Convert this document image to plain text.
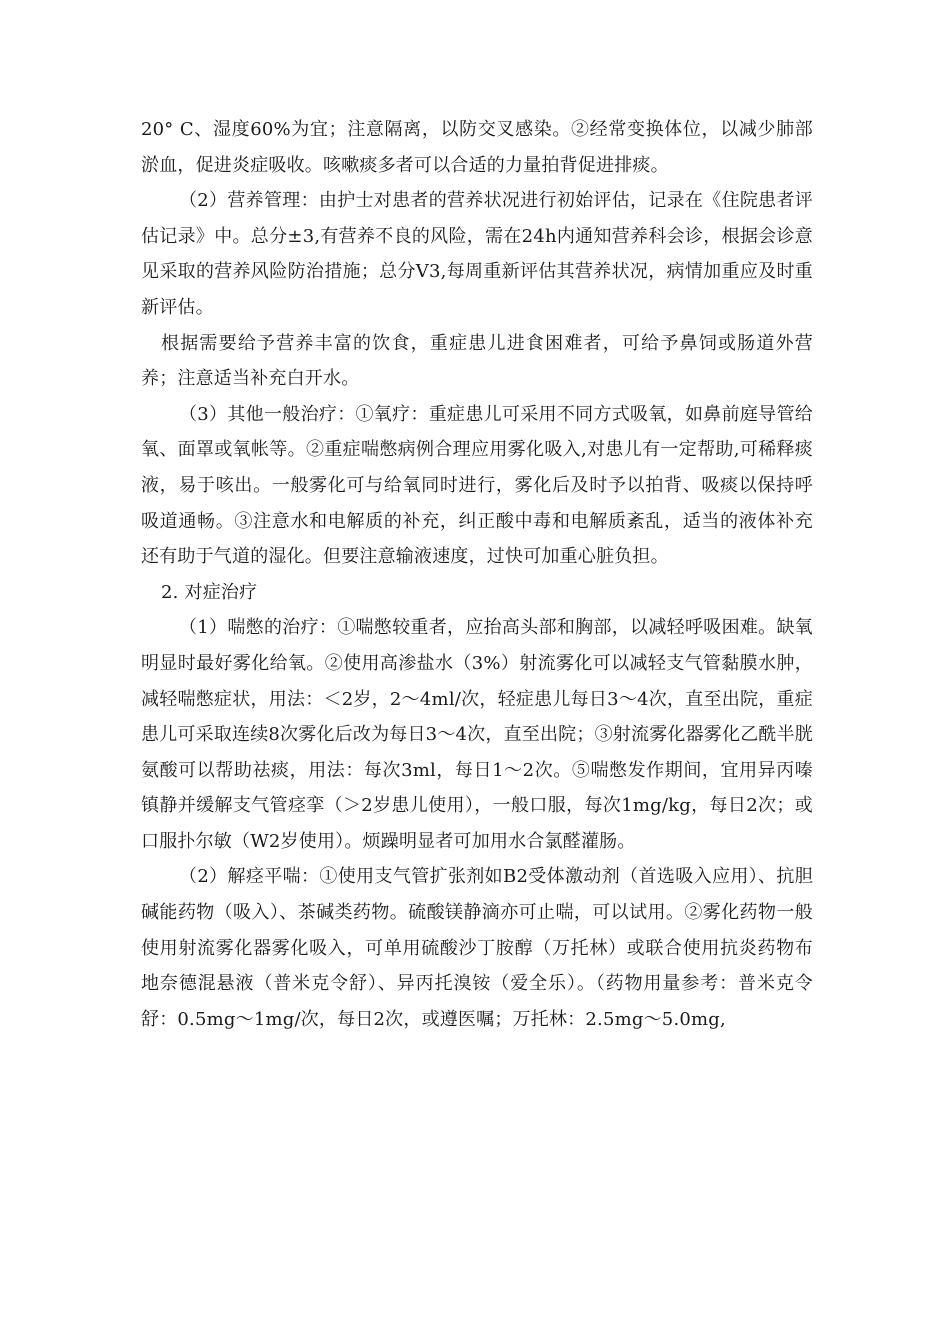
20° C、湿度60%为宜；注意隔离，以防交叉感染。②经常变换体位，以减少肺部淤血，促进炎症吸收。咳嗽痰多者可以合适的力量拍背促进排痰。

（2）营养管理：由护士对患者的营养状况进行初始评估，记录在《住院患者评估记录》中。总分±3,有营养不良的风险，需在24h内通知营养科会诊，根据会诊意见采取的营养风险防治措施；总分V3,每周重新评估其营养状况，病情加重应及时重新评估。

根据需要给予营养丰富的饮食，重症患儿进食困难者，可给予鼻饲或肠道外营养；注意适当补充白开水。

（3）其他一般治疗：①氧疗：重症患儿可采用不同方式吸氧，如鼻前庭导管给氧、面罩或氧帐等。②重症喘憋病例合理应用雾化吸入,对患儿有一定帮助,可稀释痰液，易于咳出。一般雾化可与给氧同时进行，雾化后及时予以拍背、吸痰以保持呼吸道通畅。③注意水和电解质的补充，纠正酸中毒和电解质紊乱，适当的液体补充还有助于气道的湿化。但要注意输液速度，过快可加重心脏负担。

2. 对症治疗

（1）喘憋的治疗：①喘憋较重者，应抬高头部和胸部，以减轻呼吸困难。缺氧明显时最好雾化给氧。②使用高渗盐水（3%）射流雾化可以减轻支气管黏膜水肿，减轻喘憋症状，用法：＜2岁，2〜4ml/次，轻症患儿每日3〜4次，直至出院，重症患儿可采取连续8次雾化后改为每日3〜4次，直至出院；③射流雾化器雾化乙酰半胱氨酸可以帮助祛痰，用法：每次3ml，每日1〜2次。⑤喘憋发作期间，宜用异丙嗪镇静并缓解支气管痉挛（＞2岁患儿使用），一般口服，每次1mg/kg，每日2次；或口服扑尔敏（W2岁使用）。烦躁明显者可加用水合氯醛灌肠。

（2）解痉平喘：①使用支气管扩张剂如B2受体激动剂（首选吸入应用）、抗胆碱能药物（吸入）、茶碱类药物。硫酸镁静滴亦可止喘，可以试用。②雾化药物一般使用射流雾化器雾化吸入，可单用硫酸沙丁胺醇（万托林）或联合使用抗炎药物布地奈德混悬液（普米克令舒）、异丙托溴铵（爱全乐）。（药物用量参考：普米克令舒：0.5mg〜1mg/次，每日2次，或遵医嘱；万托林：2.5mg〜5.0mg,
